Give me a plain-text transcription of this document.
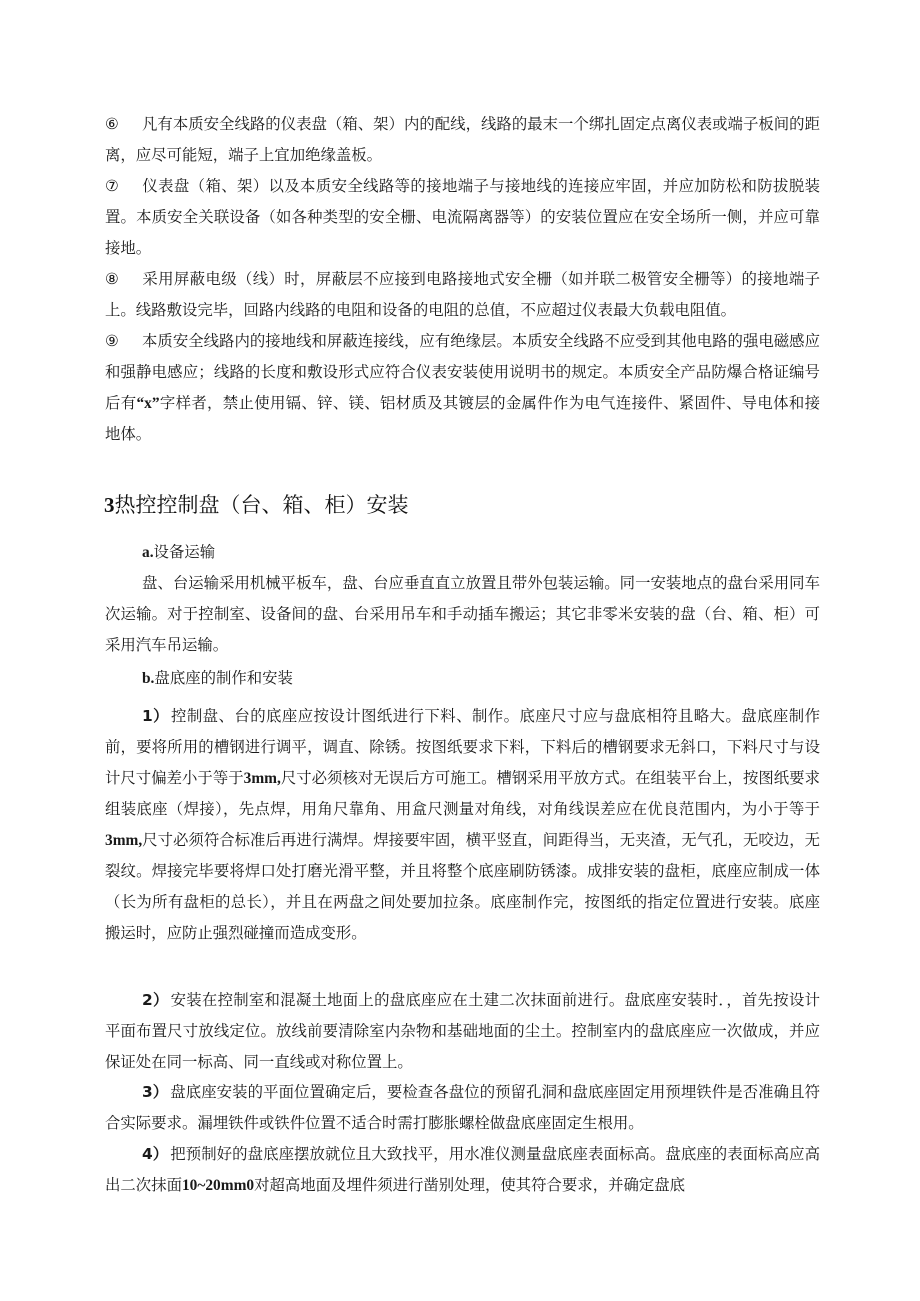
⑥ 凡有本质安全线路的仪表盘（箱、架）内的配线，线路的最末一个绑扎固定点离仪表或端子板间的距离，应尽可能短，端子上宜加绝缘盖板。

⑦ 仪表盘（箱、架）以及本质安全线路等的接地端子与接地线的连接应牢固，并应加防松和防拔脱装置。本质安全关联设备（如各种类型的安全栅、电流隔离器等）的安装位置应在安全场所一侧，并应可靠接地。

⑧ 采用屏蔽电级（线）时，屏蔽层不应接到电路接地式安全栅（如并联二极管安全栅等）的接地端子上。线路敷设完毕，回路内线路的电阻和设备的电阻的总值，不应超过仪表最大负载电阻值。

⑨ 本质安全线路内的接地线和屏蔽连接线，应有绝缘层。本质安全线路不应受到其他电路的强电磁感应和强静电感应；线路的长度和敷设形式应符合仪表安装使用说明书的规定。本质安全产品防爆合格证编号后有“x”字样者，禁止使用镉、锌、镁、铝材质及其镀层的金属件作为电气连接件、紧固件、导电体和接地体。

3热控控制盘（台、箱、柜）安装
a.设备运输

盘、台运输采用机械平板车，盘、台应垂直直立放置且带外包装运输。同一安装地点的盘台采用同车次运输。对于控制室、设备间的盘、台采用吊车和手动插车搬运；其它非零米安装的盘（台、箱、柜）可采用汽车吊运输。

b.盘底座的制作和安装

1） 控制盘、台的底座应按设计图纸进行下料、制作。底座尺寸应与盘底相符且略大。盘底座制作前，要将所用的槽钢进行调平，调直、除锈。按图纸要求下料，下料后的槽钢要求无斜口，下料尺寸与设计尺寸偏差小于等于3mm,尺寸必须核对无误后方可施工。槽钢采用平放方式。在组装平台上，按图纸要求组装底座（焊接），先点焊，用角尺靠角、用盒尺测量对角线，对角线误差应在优良范围内，为小于等于3mm,尺寸必须符合标准后再进行满焊。焊接要牢固，横平竖直，间距得当，无夹渣，无气孔，无咬边，无裂纹。焊接完毕要将焊口处打磨光滑平整，并且将整个底座刷防锈漆。成排安装的盘柜，底座应制成一体（长为所有盘柜的总长），并且在两盘之间处要加拉条。底座制作完，按图纸的指定位置进行安装。底座搬运时，应防止强烈碰撞而造成变形。

2） 安装在控制室和混凝土地面上的盘底座应在土建二次抹面前进行。盘底座安装时．，首先按设计平面布置尺寸放线定位。放线前要清除室内杂物和基础地面的尘土。控制室内的盘底座应一次做成，并应保证处在同一标高、同一直线或对称位置上。

3） 盘底座安装的平面位置确定后，要检查各盘位的预留孔洞和盘底座固定用预埋铁件是否准确且符合实际要求。漏埋铁件或铁件位置不适合时需打膨胀螺栓做盘底座固定生根用。

4） 把预制好的盘底座摆放就位且大致找平，用水准仪测量盘底座表面标高。盘底座的表面标高应高出二次抹面10~20mm0对超高地面及埋件须进行凿别处理，使其符合要求，并确定盘底
